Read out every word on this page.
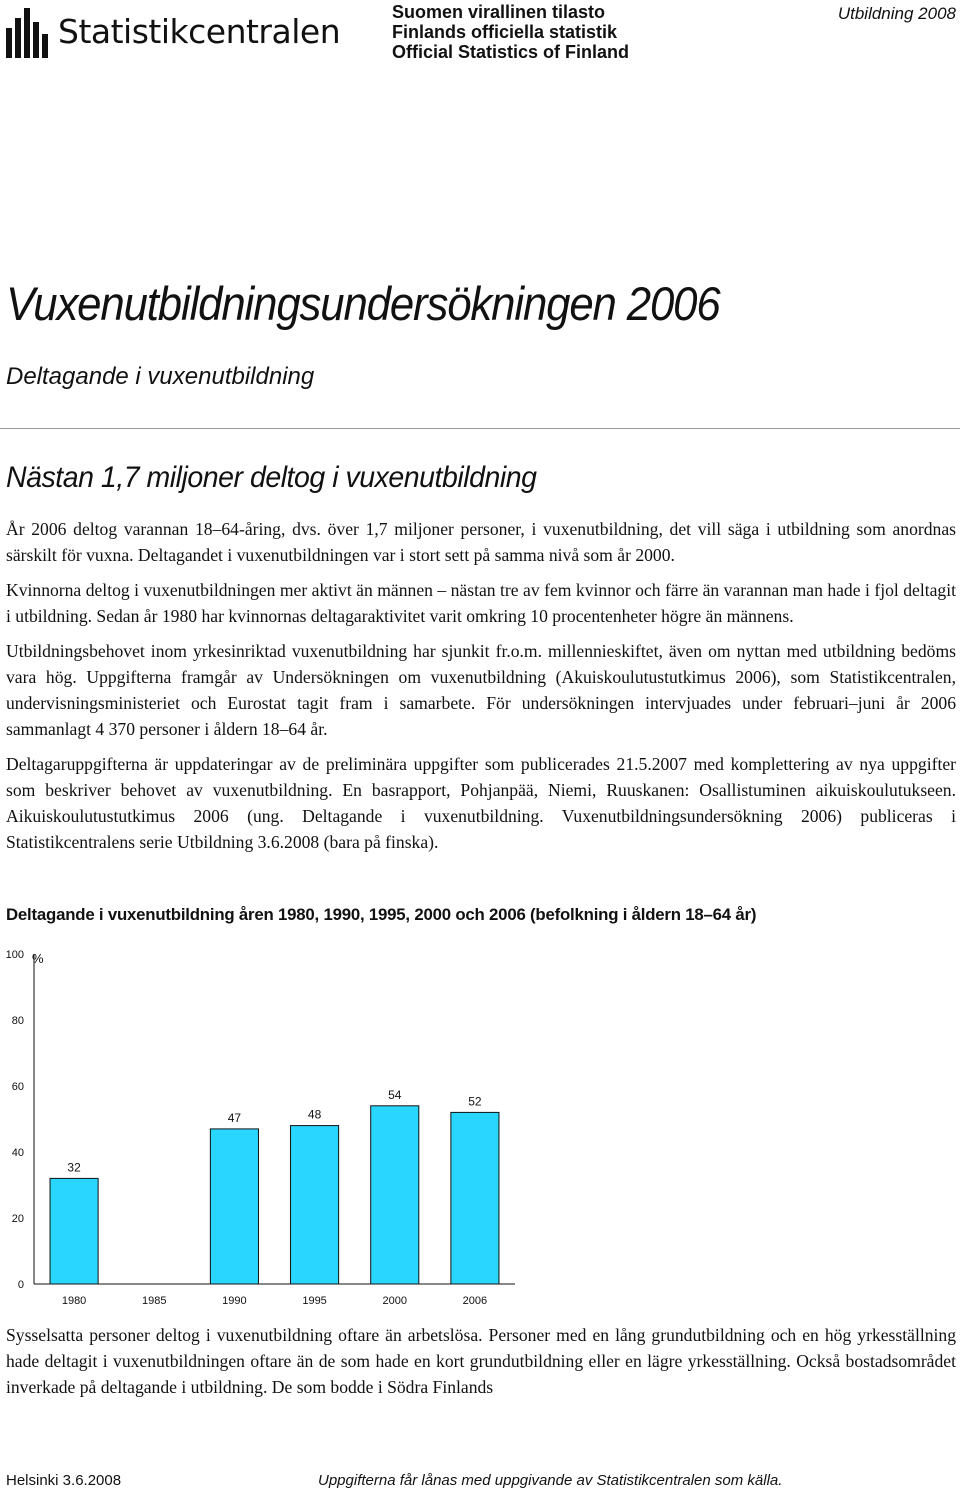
Statistikcentralen	Suomen virallinen tilasto
Finlands officiella statistik
Official Statistics of Finland
Utbildning 2008
Vuxenutbildningsundersökningen 2006
Deltagande i vuxenutbildning
Nästan 1,7 miljoner deltog i vuxenutbildning

År 2006 deltog varannan 18–64-åring, dvs. över 1,7 miljoner personer, i vuxenutbildning, det vill säga i utbildning som anordnas särskilt för vuxna. Deltagandet i vuxenutbildningen var i stort sett på samma nivå som år 2000.

Kvinnorna deltog i vuxenutbildningen mer aktivt än männen – nästan tre av fem kvinnor och färre än varannan man hade i fjol deltagit i utbildning. Sedan år 1980 har kvinnornas deltagaraktivitet varit omkring 10 procentenheter högre än männens.

Utbildningsbehovet inom yrkesinriktad vuxenutbildning har sjunkit fr.o.m. millennieskiftet, även om nyttan med utbildning bedöms vara hög. Uppgifterna framgår av Undersökningen om vuxenutbildning (Akuiskoulutustutkimus 2006), som Statistikcentralen, undervisningsministeriet och Eurostat tagit fram i samarbete. För undersökningen intervjuades under februari–juni år 2006 sammanlagt 4 370 personer i åldern 18–64 år.

Deltagaruppgifterna är uppdateringar av de preliminära uppgifter som publicerades 21.5.2007 med komplettering av nya uppgifter som beskriver behovet av vuxenutbildning. En basrapport, Pohjanpää, Niemi, Ruuskanen: Osallistuminen aikuiskoulutukseen. Aikuiskoulutustutkimus 2006 (ung. Deltagande i vuxenutbildning. Vuxenutbildningsundersökning 2006) publiceras i Statistikcentralens serie Utbildning 3.6.2008 (bara på finska).

Deltagande i vuxenutbildning åren 1980, 1990, 1995, 2000 och 2006 (befolkning i åldern 18–64 år)
%
0
20
40
60
80
100
32
1980	1985
47
1990
48
1995
54
2000
52
2006

Sysselsatta personer deltog i vuxenutbildning oftare än arbetslösa. Personer med en lång grundutbildning och en hög yrkesställning hade deltagit i vuxenutbildningen oftare än de som hade en kort grundutbildning eller en lägre yrkesställning. Också bostadsområdet inverkade på deltagande i utbildning. De som bodde i Södra Finlands

Helsinki 3.6.2008	Uppgifterna får lånas med uppgivande av Statistikcentralen som källa.
